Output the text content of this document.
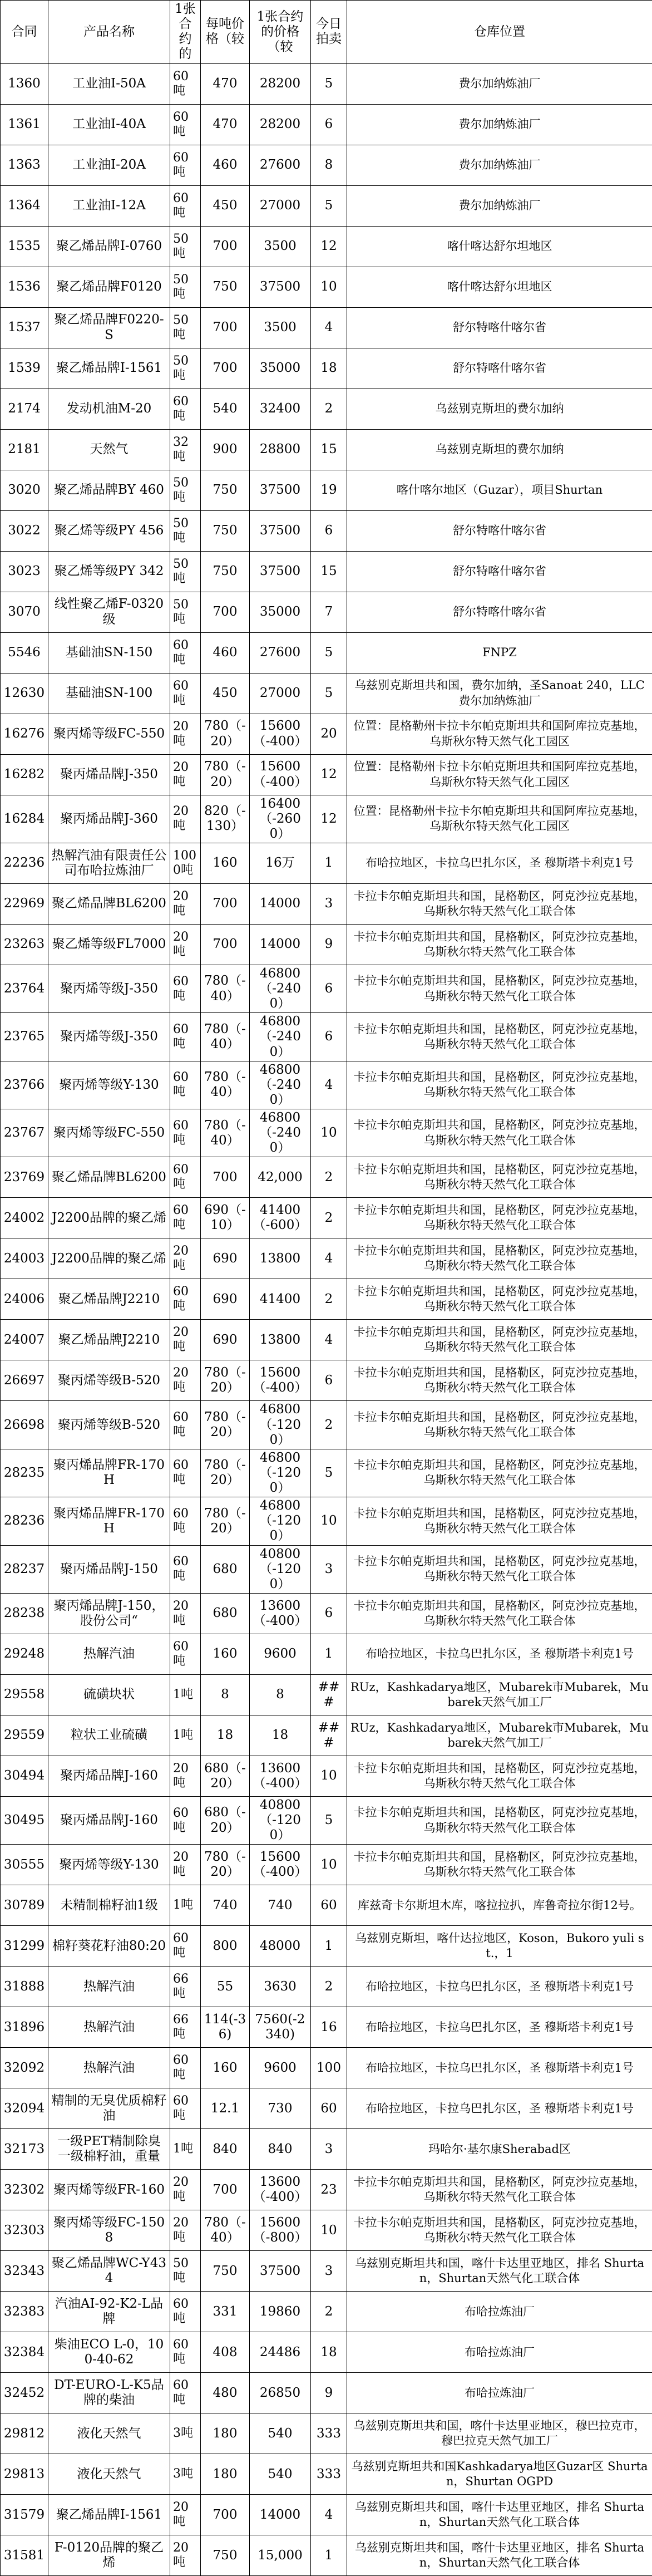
合同	产品名称	1张合约的	每吨价格（较	1张合约的价格（较	今日拍卖	仓库位置
1360	工业油I-50A	60吨	470	28200	5	费尔加纳炼油厂
1361	工业油I-40A	60吨	470	28200	6	费尔加纳炼油厂
1363	工业油I-20A	60吨	460	27600	8	费尔加纳炼油厂
1364	工业油I-12A	60吨	450	27000	5	费尔加纳炼油厂
1535	聚乙烯品牌I-0760	50吨	700	3500	12	喀什喀达舒尔坦地区
1536	聚乙烯品牌F0120	50吨	750	37500	10	喀什喀达舒尔坦地区
1537	聚乙烯品牌F0220-S	50吨	700	3500	4	舒尔特喀什喀尔省
1539	聚乙烯品牌I-1561	50吨	700	35000	18	舒尔特喀什喀尔省
2174	发动机油M-20	60吨	540	32400	2	乌兹别克斯坦的费尔加纳
2181	天然气	32吨	900	28800	15	乌兹别克斯坦的费尔加纳
3020	聚乙烯品牌BY 460	50吨	750	37500	19	喀什喀尔地区（Guzar），项目Shurtan
3022	聚乙烯等级PY 456	50吨	750	37500	6	舒尔特喀什喀尔省
3023	聚乙烯等级PY 342	50吨	750	37500	15	舒尔特喀什喀尔省
3070	线性聚乙烯F-0320级	50吨	700	35000	7	舒尔特喀什喀尔省
5546	基础油SN-150	60吨	460	27600	5	FNPZ
12630	基础油SN-100	60吨	450	27000	5	乌兹别克斯坦共和国，费尔加纳，圣Sanoat 240，LLC费尔加纳炼油厂
16276	聚丙烯等级FC-550	20吨	780（-20）	15600（-400）	20	位置：昆格勒州卡拉卡尔帕克斯坦共和国阿库拉克基地，乌斯秋尔特天然气化工园区
16282	聚丙烯品牌J-350	20吨	780（-20）	15600（-400）	12	位置：昆格勒州卡拉卡尔帕克斯坦共和国阿库拉克基地，乌斯秋尔特天然气化工园区
16284	聚丙烯品牌J-360	20吨	820（-130）	16400（-2600）	12	位置：昆格勒州卡拉卡尔帕克斯坦共和国阿库拉克基地，乌斯秋尔特天然气化工园区
22236	热解汽油有限责任公司布哈拉炼油厂	1000吨	160	16万	1	布哈拉地区，卡拉乌巴扎尔区，圣 穆斯塔卡利克1号
22969	聚乙烯品牌BL6200	20吨	700	14000	3	卡拉卡尔帕克斯坦共和国，昆格勒区，阿克沙拉克基地，乌斯秋尔特天然气化工联合体
23263	聚乙烯等级FL7000	20吨	700	14000	9	卡拉卡尔帕克斯坦共和国，昆格勒区，阿克沙拉克基地，乌斯秋尔特天然气化工联合体
23764	聚丙烯等级J-350	60吨	780（-40）	46800（-2400）	6	卡拉卡尔帕克斯坦共和国，昆格勒区，阿克沙拉克基地，乌斯秋尔特天然气化工联合体
23765	聚丙烯等级J-350	60吨	780（-40）	46800（-2400）	6	卡拉卡尔帕克斯坦共和国，昆格勒区，阿克沙拉克基地，乌斯秋尔特天然气化工联合体
23766	聚丙烯等级Y-130	60吨	780（-40）	46800（-2400）	4	卡拉卡尔帕克斯坦共和国，昆格勒区，阿克沙拉克基地，乌斯秋尔特天然气化工联合体
23767	聚丙烯等级FC-550	60吨	780（-40）	46800（-2400）	10	卡拉卡尔帕克斯坦共和国，昆格勒区，阿克沙拉克基地，乌斯秋尔特天然气化工联合体
23769	聚乙烯品牌BL6200	60吨	700	42,000	2	卡拉卡尔帕克斯坦共和国，昆格勒区，阿克沙拉克基地，乌斯秋尔特天然气化工联合体
24002	J2200品牌的聚乙烯	60吨	690（-10）	41400（-600）	2	卡拉卡尔帕克斯坦共和国，昆格勒区，阿克沙拉克基地，乌斯秋尔特天然气化工联合体
24003	J2200品牌的聚乙烯	20吨	690	13800	4	卡拉卡尔帕克斯坦共和国，昆格勒区，阿克沙拉克基地，乌斯秋尔特天然气化工联合体
24006	聚乙烯品牌J2210	60吨	690	41400	2	卡拉卡尔帕克斯坦共和国，昆格勒区，阿克沙拉克基地，乌斯秋尔特天然气化工联合体
24007	聚乙烯品牌J2210	20吨	690	13800	4	卡拉卡尔帕克斯坦共和国，昆格勒区，阿克沙拉克基地，乌斯秋尔特天然气化工联合体
26697	聚丙烯等级B-520	20吨	780（-20）	15600（-400）	6	卡拉卡尔帕克斯坦共和国，昆格勒区，阿克沙拉克基地，乌斯秋尔特天然气化工联合体
26698	聚丙烯等级B-520	60吨	780（-20）	46800（-1200）	2	卡拉卡尔帕克斯坦共和国，昆格勒区，阿克沙拉克基地，乌斯秋尔特天然气化工联合体
28235	聚丙烯品牌FR-170H	60吨	780（-20）	46800（-1200）	5	卡拉卡尔帕克斯坦共和国，昆格勒区，阿克沙拉克基地，乌斯秋尔特天然气化工联合体
28236	聚丙烯品牌FR-170H	60吨	780（-20）	46800（-1200）	10	卡拉卡尔帕克斯坦共和国，昆格勒区，阿克沙拉克基地，乌斯秋尔特天然气化工联合体
28237	聚丙烯品牌J-150	60吨	680	40800（-1200）	3	卡拉卡尔帕克斯坦共和国，昆格勒区，阿克沙拉克基地，乌斯秋尔特天然气化工联合体
28238	聚丙烯品牌J-150，股份公司“	20吨	680	13600（-400）	6	卡拉卡尔帕克斯坦共和国，昆格勒区，阿克沙拉克基地，乌斯秋尔特天然气化工联合体
29248	热解汽油	60吨	160	9600	1	布哈拉地区，卡拉乌巴扎尔区，圣 穆斯塔卡利克1号
29558	硫磺块状	1吨	8	8	###	RUz，Kashkadarya地区，Mubarek市Mubarek，Mubarek天然气加工厂
29559	粒状工业硫磺	1吨	18	18	###	RUz，Kashkadarya地区，Mubarek市Mubarek，Mubarek天然气加工厂
30494	聚丙烯品牌J-160	20吨	680（-20）	13600（-400）	10	卡拉卡尔帕克斯坦共和国，昆格勒区，阿克沙拉克基地，乌斯秋尔特天然气化工联合体
30495	聚丙烯品牌J-160	60吨	680（-20）	40800（-1200）	5	卡拉卡尔帕克斯坦共和国，昆格勒区，阿克沙拉克基地，乌斯秋尔特天然气化工联合体
30555	聚丙烯等级Y-130	20吨	780（-20）	15600（-400）	10	卡拉卡尔帕克斯坦共和国，昆格勒区，阿克沙拉克基地，乌斯秋尔特天然气化工联合体
30789	未精制棉籽油1级	1吨	740	740	60	库兹奇卡尔斯坦木库，喀拉拉扒，库鲁奇拉尔街12号。
31299	棉籽葵花籽油80:20	60吨	800	48000	1	乌兹别克斯坦，喀什达拉地区，Koson，Bukoro yuli st.，1
31888	热解汽油	66吨	55	3630	2	布哈拉地区，卡拉乌巴扎尔区，圣 穆斯塔卡利克1号
31896	热解汽油	66吨	114(-36)	7560(-2340)	16	布哈拉地区，卡拉乌巴扎尔区，圣 穆斯塔卡利克1号
32092	热解汽油	60吨	160	9600	100	布哈拉地区，卡拉乌巴扎尔区，圣 穆斯塔卡利克1号
32094	精制的无臭优质棉籽油	60吨	12.1	730	60	布哈拉地区，卡拉乌巴扎尔区，圣 穆斯塔卡利克1号
32173	一级PET精制除臭一级棉籽油，重量	1吨	840	840	3	玛哈尔·基尔康Sherabad区
32302	聚丙烯等级FR-160	20吨	700	13600（-400）	23	卡拉卡尔帕克斯坦共和国，昆格勒区，阿克沙拉克基地，乌斯秋尔特天然气化工联合体
32303	聚丙烯等级FC-1508	20吨	780（-40）	15600（-800）	10	卡拉卡尔帕克斯坦共和国，昆格勒区，阿克沙拉克基地，乌斯秋尔特天然气化工联合体
32343	聚乙烯品牌WC-Y434	50吨	750	37500	3	乌兹别克斯坦共和国，喀什卡达里亚地区，排名 Shurtan，Shurtan天然气化工联合体
32383	汽油AI-92-K2-L品牌	60吨	331	19860	2	布哈拉炼油厂
32384	柴油ECO L-0，100-40-62	60吨	408	24486	18	布哈拉炼油厂
32452	DT-EURO-L-K5品牌的柴油	60吨	480	26850	9	布哈拉炼油厂
29812	液化天然气	3吨	180	540	333	乌兹别克斯坦共和国，喀什卡达里亚地区，穆巴拉克市，穆巴拉克天然气加工厂
29813	液化天然气	3吨	180	540	333	乌兹别克斯坦共和国Kashkadarya地区Guzar区 Shurtan，Shurtan OGPD
31579	聚乙烯品牌I-1561	20吨	700	14000	4	乌兹别克斯坦共和国，喀什卡达里亚地区，排名 Shurtan，Shurtan天然气化工联合体
31581	F-0120品牌的聚乙烯	20吨	750	15,000	1	乌兹别克斯坦共和国，喀什卡达里亚地区，排名 Shurtan，Shurtan天然气化工联合体
